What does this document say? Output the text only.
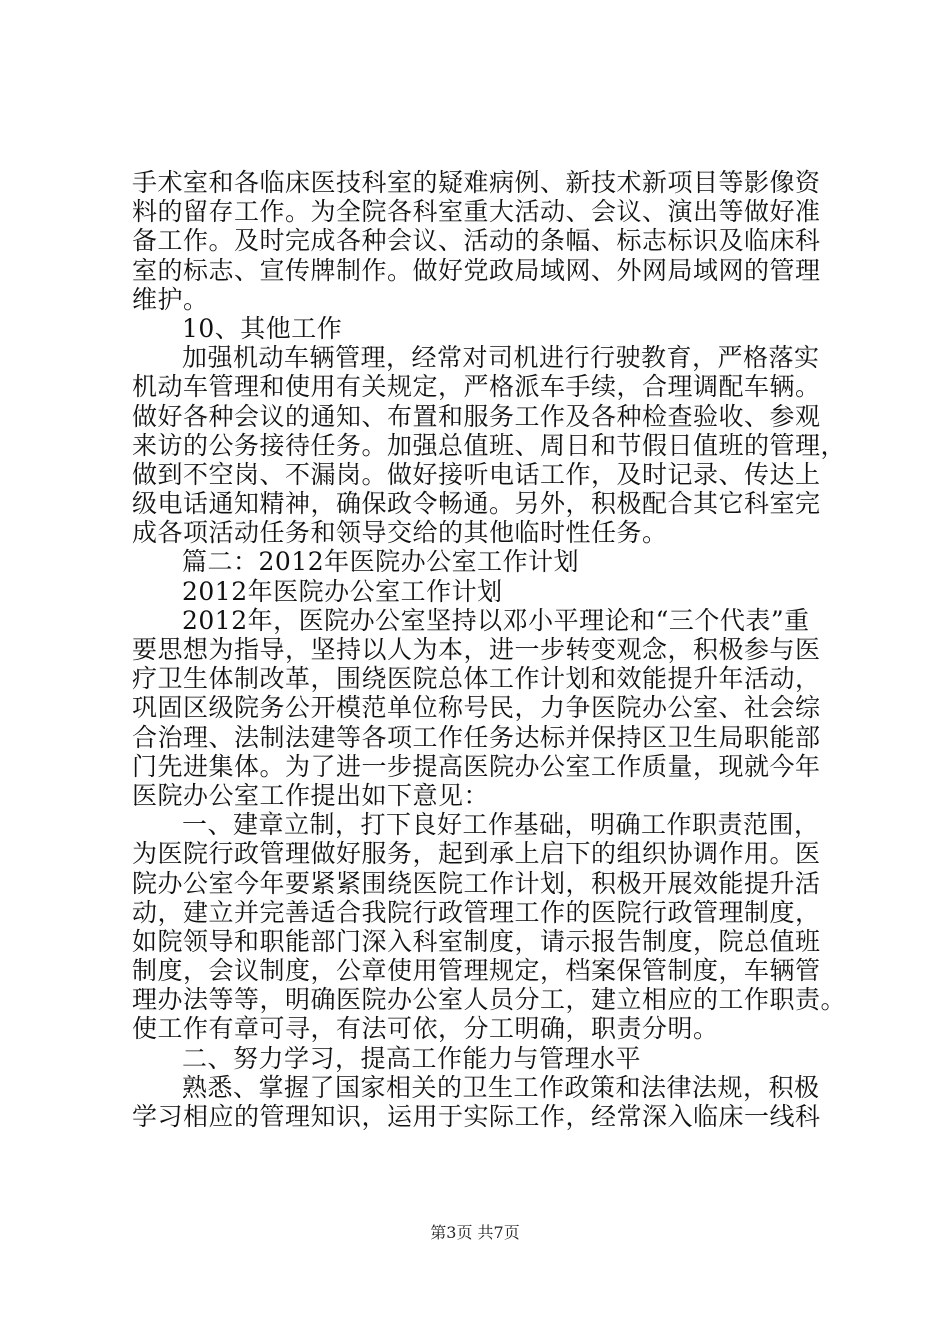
手术室和各临床医技科室的疑难病例、新技术新项目等影像资
料的留存工作。为全院各科室重大活动、会议、演出等做好准
备工作。及时完成各种会议、活动的条幅、标志标识及临床科
室的标志、宣传牌制作。做好党政局域网、外网局域网的管理
维护。
10、其他工作
加强机动车辆管理，经常对司机进行行驶教育，严格落实
机动车管理和使用有关规定，严格派车手续，合理调配车辆。
做好各种会议的通知、布置和服务工作及各种检查验收、参观
来访的公务接待任务。加强总值班、周日和节假日值班的管理，
做到不空岗、不漏岗。做好接听电话工作，及时记录、传达上
级电话通知精神，确保政令畅通。另外，积极配合其它科室完
成各项活动任务和领导交给的其他临时性任务。
篇二：2012年医院办公室工作计划
2012年医院办公室工作计划
2012年，医院办公室坚持以邓小平理论和“三个代表”重
要思想为指导，坚持以人为本，进一步转变观念，积极参与医
疗卫生体制改革，围绕医院总体工作计划和效能提升年活动，
巩固区级院务公开模范单位称号民，力争医院办公室、社会综
合治理、法制法建等各项工作任务达标并保持区卫生局职能部
门先进集体。为了进一步提高医院办公室工作质量，现就今年
医院办公室工作提出如下意见：
一、建章立制，打下良好工作基础，明确工作职责范围，
为医院行政管理做好服务，起到承上启下的组织协调作用。医
院办公室今年要紧紧围绕医院工作计划，积极开展效能提升活
动，建立并完善适合我院行政管理工作的医院行政管理制度，
如院领导和职能部门深入科室制度，请示报告制度，院总值班
制度，会议制度，公章使用管理规定，档案保管制度，车辆管
理办法等等，明确医院办公室人员分工，建立相应的工作职责。
使工作有章可寻，有法可依，分工明确，职责分明。
二、努力学习，提高工作能力与管理水平
熟悉、掌握了国家相关的卫生工作政策和法律法规，积极
学习相应的管理知识，运用于实际工作，经常深入临床一线科
第3页 共7页
